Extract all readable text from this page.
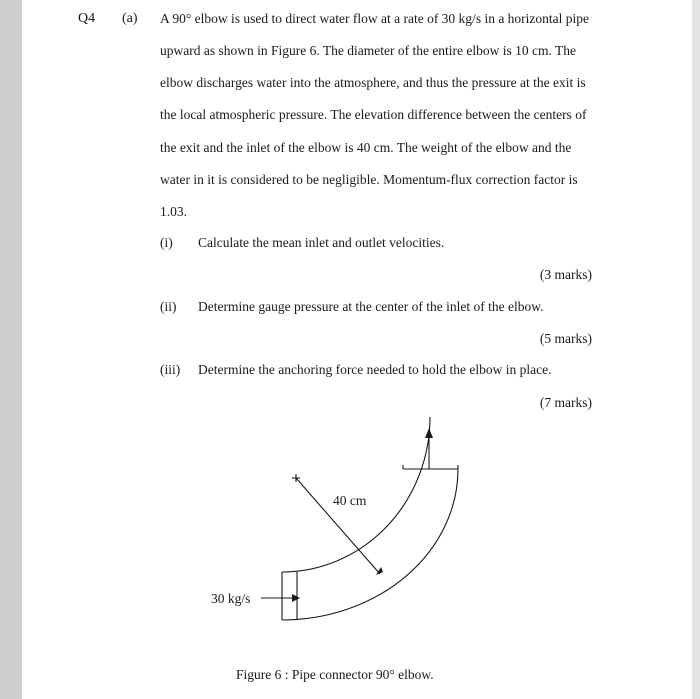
Q4 (a) A 90° elbow is used to direct water flow at a rate of 30 kg/s in a horizontal pipe
upward as shown in Figure 6. The diameter of the entire elbow is 10 cm. The
elbow discharges water into the atmosphere, and thus the pressure at the exit is
the local atmospheric pressure. The elevation difference between the centers of
the exit and the inlet of the elbow is 40 cm. The weight of the elbow and the
water in it is considered to be negligible. Momentum-flux correction factor is
1.03.
(i) Calculate the mean inlet and outlet velocities.
(3 marks)
(ii) Determine gauge pressure at the center of the inlet of the elbow.
(5 marks)
(iii) Determine the anchoring force needed to hold the elbow in place.
(7 marks)
40 cm
30 kg/s
Figure 6 : Pipe connector 90° elbow.
